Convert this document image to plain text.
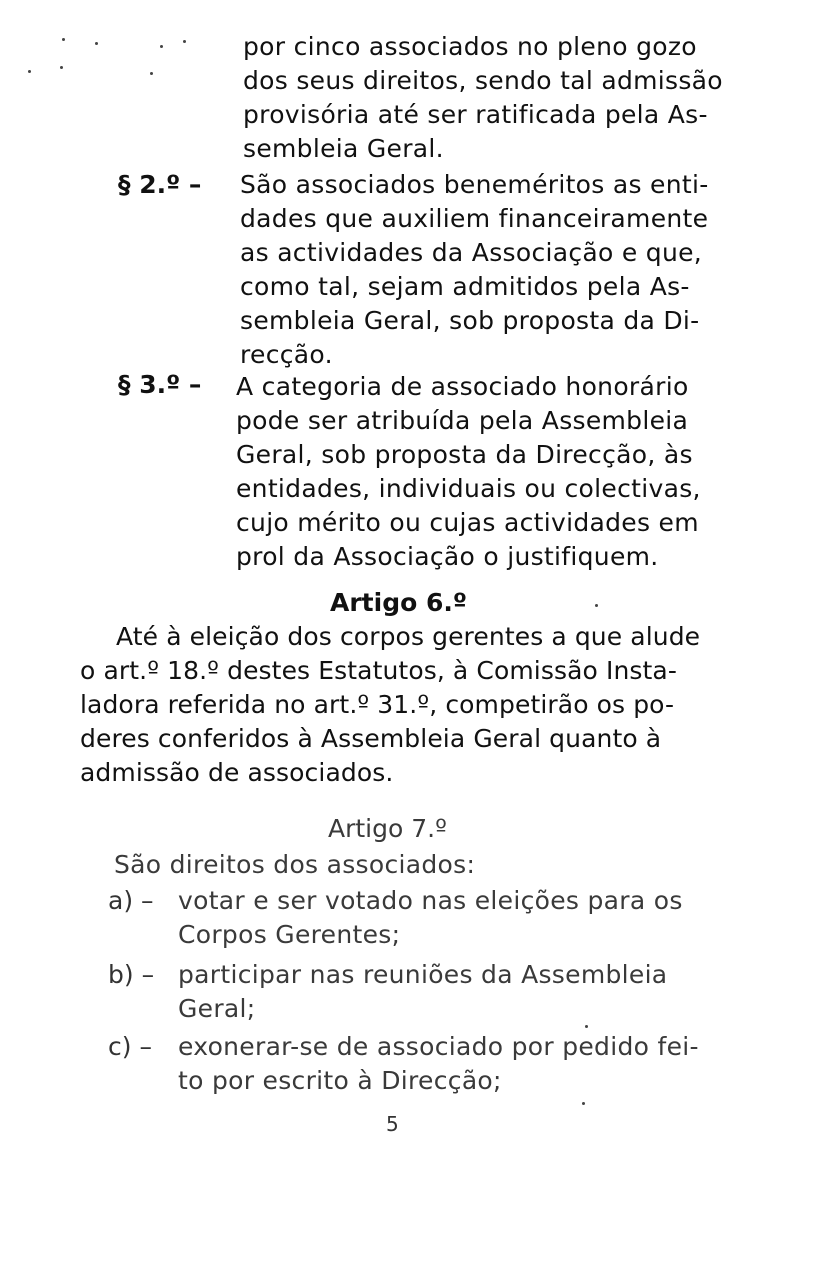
por cinco associados no pleno gozo
dos seus direitos, sendo tal admissão
provisória até ser ratificada pela As-
sembleia Geral.
§ 2.º – São associados beneméritos as enti-
dades que auxiliem financeiramente
as actividades da Associação e que,
como tal, sejam admitidos pela As-
sembleia Geral, sob proposta da Di-
recção.
§ 3.º – A categoria de associado honorário
pode ser atribuída pela Assembleia
Geral, sob proposta da Direcção, às
entidades, individuais ou colectivas,
cujo mérito ou cujas actividades em
prol da Associação o justifiquem.
Artigo 6.º
Até à eleição dos corpos gerentes a que alude
o art.º 18.º destes Estatutos, à Comissão Insta-
ladora referida no art.º 31.º, competirão os po-
deres conferidos à Assembleia Geral quanto à
admissão de associados.
Artigo 7.º
São direitos dos associados:
a) – votar e ser votado nas eleições para os
Corpos Gerentes;
b) – participar nas reuniões da Assembleia
Geral;
c) – exonerar-se de associado por pedido fei-
to por escrito à Direcção;
5
